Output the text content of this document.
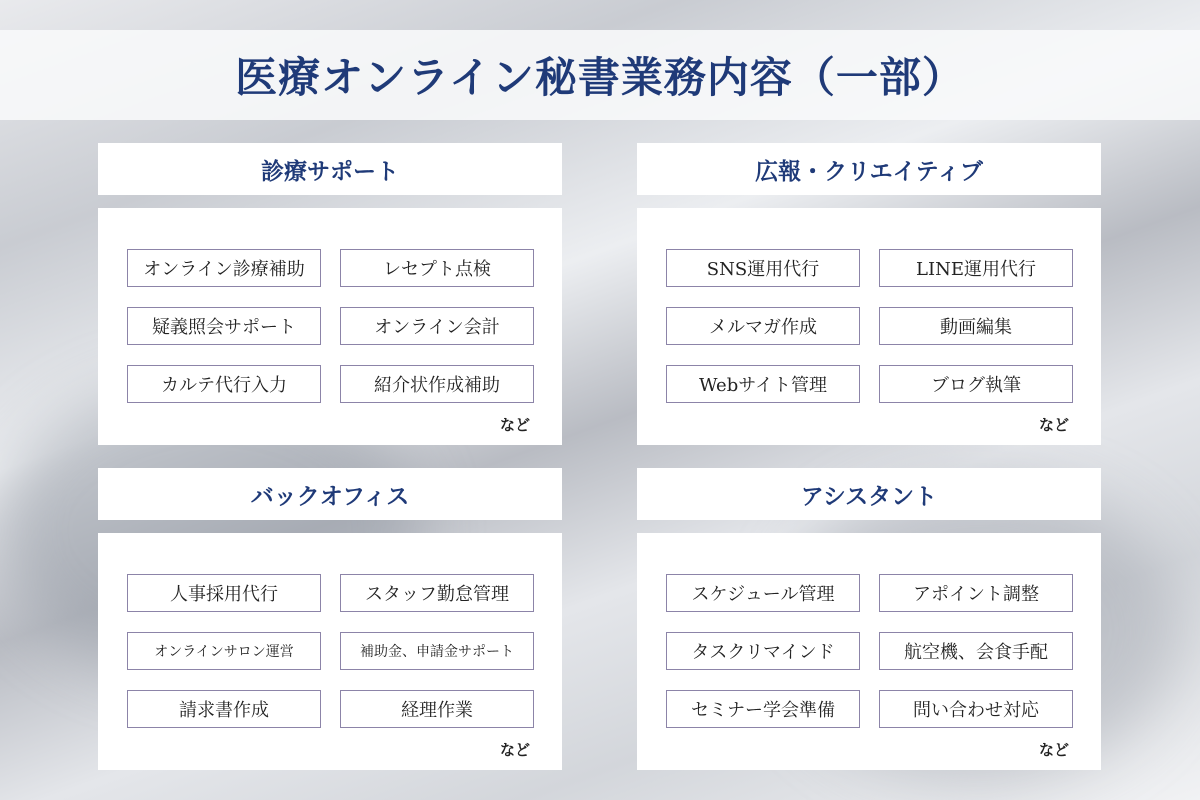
医療オンライン秘書業務内容（一部）
診療サポート
オンライン診療補助	レセプト点検
疑義照会サポート	オンライン会計
カルテ代行入力	紹介状作成補助
など
広報・クリエイティブ
SNS運用代行	LINE運用代行
メルマガ作成	動画編集
Webサイト管理	ブログ執筆
など
バックオフィス
人事採用代行	スタッフ勤怠管理
オンラインサロン運営	補助金、申請金サポート
請求書作成	経理作業
など
アシスタント
スケジュール管理	アポイント調整
タスクリマインド	航空機、会食手配
セミナー学会準備	問い合わせ対応
など
